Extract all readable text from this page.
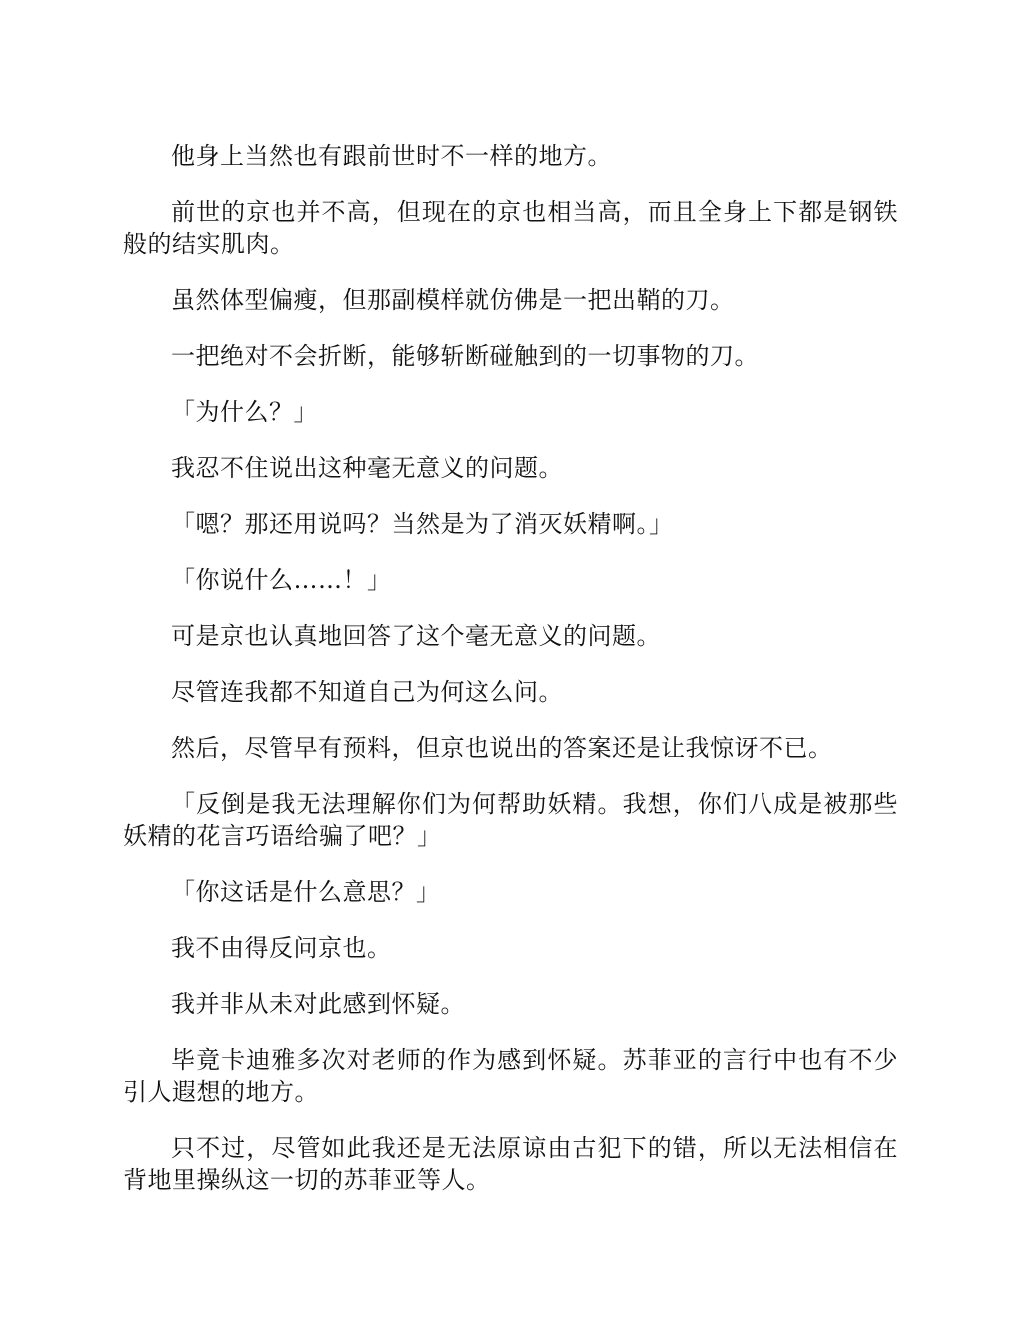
他身上当然也有跟前世时不一样的地方。

前世的京也并不高，但现在的京也相当高，而且全身上下都是钢铁般的结实肌肉。

虽然体型偏瘦，但那副模样就仿佛是一把出鞘的刀。

一把绝对不会折断，能够斩断碰触到的一切事物的刀。

「为什么？」

我忍不住说出这种毫无意义的问题。

「嗯？那还用说吗？当然是为了消灭妖精啊。」

「你说什么……！」

可是京也认真地回答了这个毫无意义的问题。

尽管连我都不知道自己为何这么问。

然后，尽管早有预料，但京也说出的答案还是让我惊讶不已。

「反倒是我无法理解你们为何帮助妖精。我想，你们八成是被那些妖精的花言巧语给骗了吧？」

「你这话是什么意思？」

我不由得反问京也。

我并非从未对此感到怀疑。

毕竟卡迪雅多次对老师的作为感到怀疑。苏菲亚的言行中也有不少引人遐想的地方。

只不过，尽管如此我还是无法原谅由古犯下的错，所以无法相信在背地里操纵这一切的苏菲亚等人。
